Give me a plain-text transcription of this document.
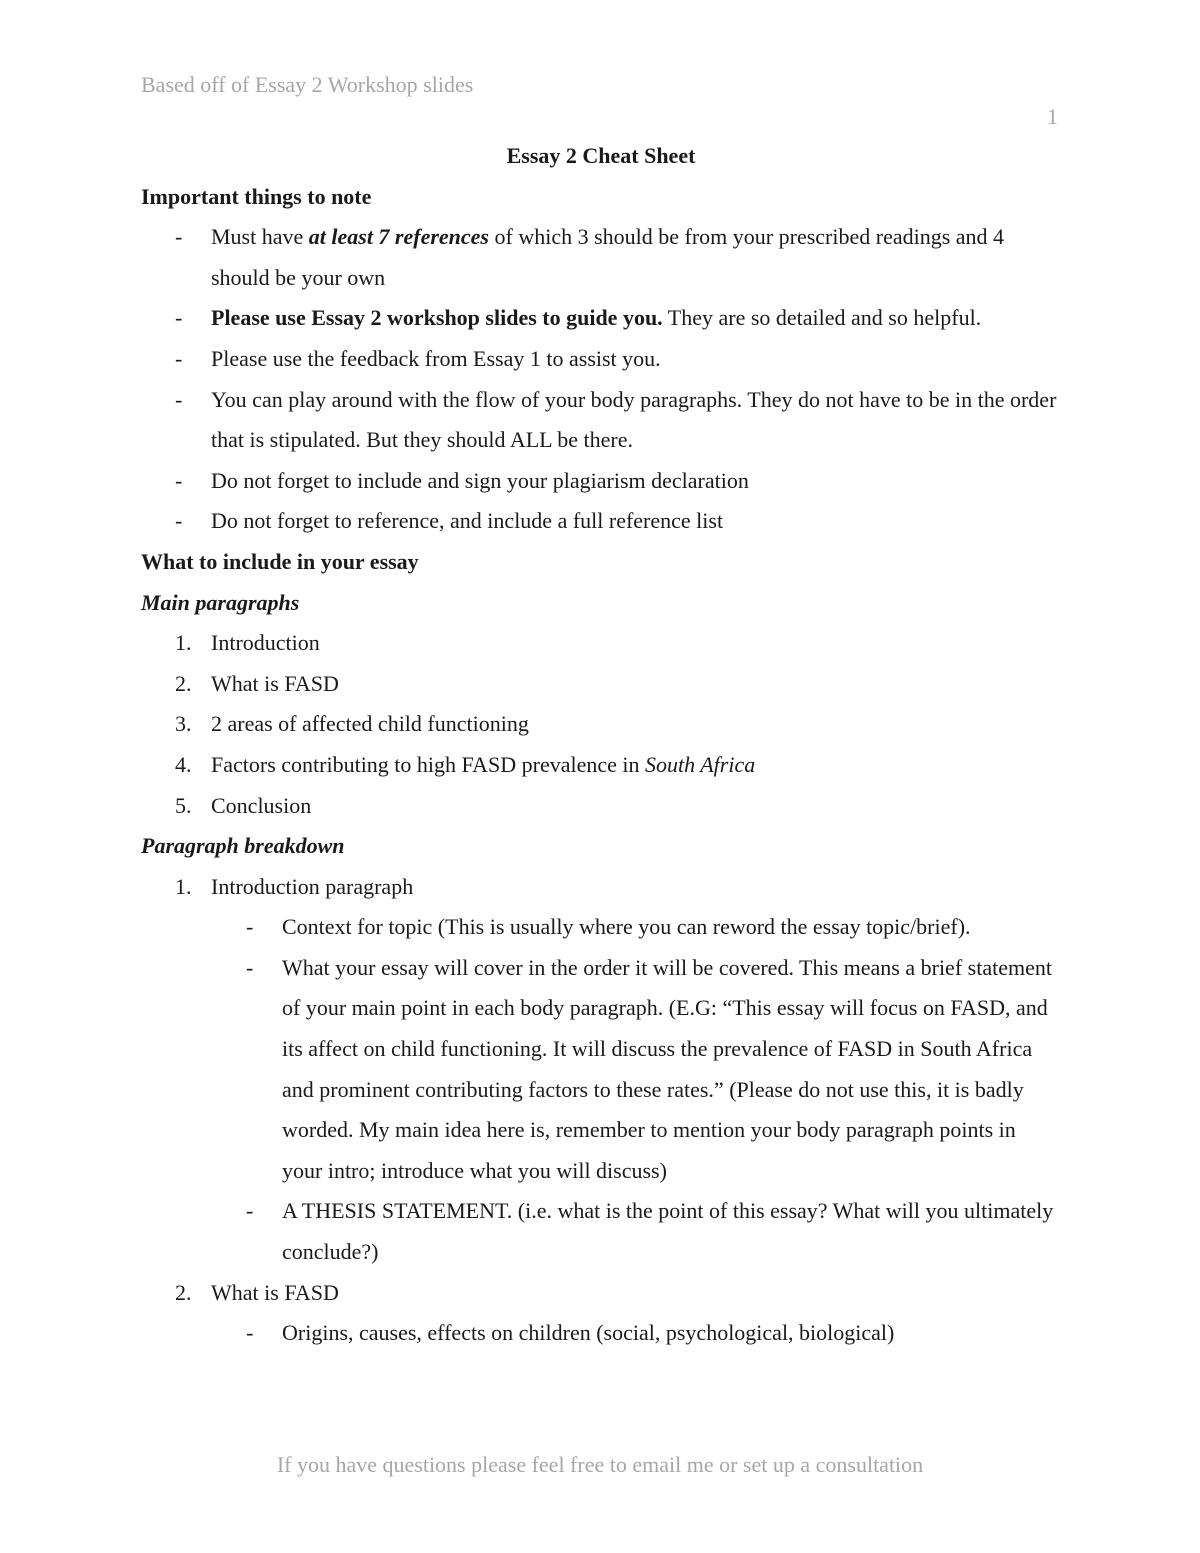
Based off of Essay 2 Workshop slides
1

Essay 2 Cheat Sheet

Important things to note

- Must have at least 7 references of which 3 should be from your prescribed readings and 4 should be your own

- Please use Essay 2 workshop slides to guide you. They are so detailed and so helpful.

- Please use the feedback from Essay 1 to assist you.

- You can play around with the flow of your body paragraphs. They do not have to be in the order that is stipulated. But they should ALL be there.

- Do not forget to include and sign your plagiarism declaration

- Do not forget to reference, and include a full reference list

What to include in your essay

Main paragraphs

1. Introduction

2. What is FASD

3. 2 areas of affected child functioning

4. Factors contributing to high FASD prevalence in South Africa

5. Conclusion

Paragraph breakdown

1. Introduction paragraph

- Context for topic (This is usually where you can reword the essay topic/brief).

- What your essay will cover in the order it will be covered. This means a brief statement of your main point in each body paragraph. (E.G: “This essay will focus on FASD, and its affect on child functioning. It will discuss the prevalence of FASD in South Africa and prominent contributing factors to these rates.” (Please do not use this, it is badly worded. My main idea here is, remember to mention your body paragraph points in your intro; introduce what you will discuss)

- A THESIS STATEMENT. (i.e. what is the point of this essay? What will you ultimately conclude?)

2. What is FASD

- Origins, causes, effects on children (social, psychological, biological)

If you have questions please feel free to email me or set up a consultation
